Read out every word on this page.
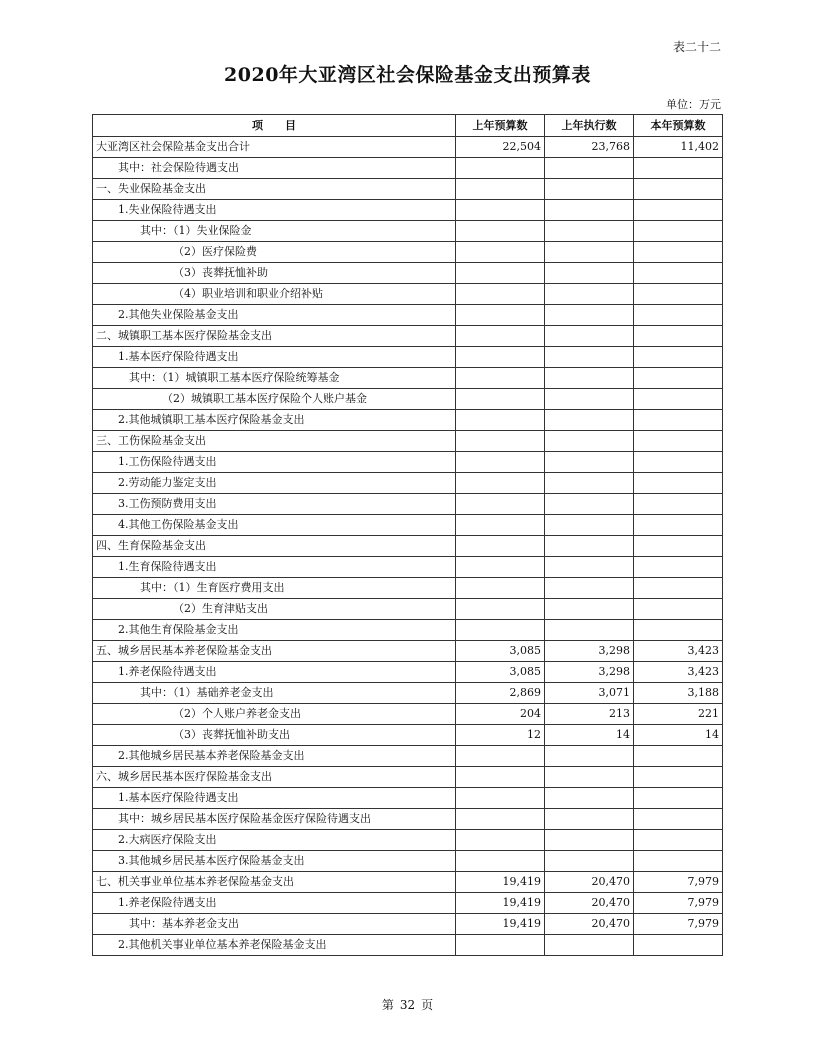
表二十二
2020年大亚湾区社会保险基金支出预算表
单位：万元
项　　目	上年预算数	上年执行数	本年预算数
大亚湾区社会保险基金支出合计	22,504	23,768	11,402
其中：社会保险待遇支出			
一、失业保险基金支出			
1.失业保险待遇支出			
其中：（1）失业保险金			
（2）医疗保险费			
（3）丧葬抚恤补助			
（4）职业培训和职业介绍补贴			
2.其他失业保险基金支出			
二、城镇职工基本医疗保险基金支出			
1.基本医疗保险待遇支出			
其中：（1）城镇职工基本医疗保险统筹基金			
（2）城镇职工基本医疗保险个人账户基金			
2.其他城镇职工基本医疗保险基金支出			
三、工伤保险基金支出			
1.工伤保险待遇支出			
2.劳动能力鉴定支出			
3.工伤预防费用支出			
4.其他工伤保险基金支出			
四、生育保险基金支出			
1.生育保险待遇支出			
其中：（1）生育医疗费用支出			
（2）生育津贴支出			
2.其他生育保险基金支出			
五、城乡居民基本养老保险基金支出	3,085	3,298	3,423
1.养老保险待遇支出	3,085	3,298	3,423
其中：（1）基础养老金支出	2,869	3,071	3,188
（2）个人账户养老金支出	204	213	221
（3）丧葬抚恤补助支出	12	14	14
2.其他城乡居民基本养老保险基金支出			
六、城乡居民基本医疗保险基金支出			
1.基本医疗保险待遇支出			
其中：城乡居民基本医疗保险基金医疗保险待遇支出			
2.大病医疗保险支出			
3.其他城乡居民基本医疗保险基金支出			
七、机关事业单位基本养老保险基金支出	19,419	20,470	7,979
1.养老保险待遇支出	19,419	20,470	7,979
其中：基本养老金支出	19,419	20,470	7,979
2.其他机关事业单位基本养老保险基金支出			
第 32 页
